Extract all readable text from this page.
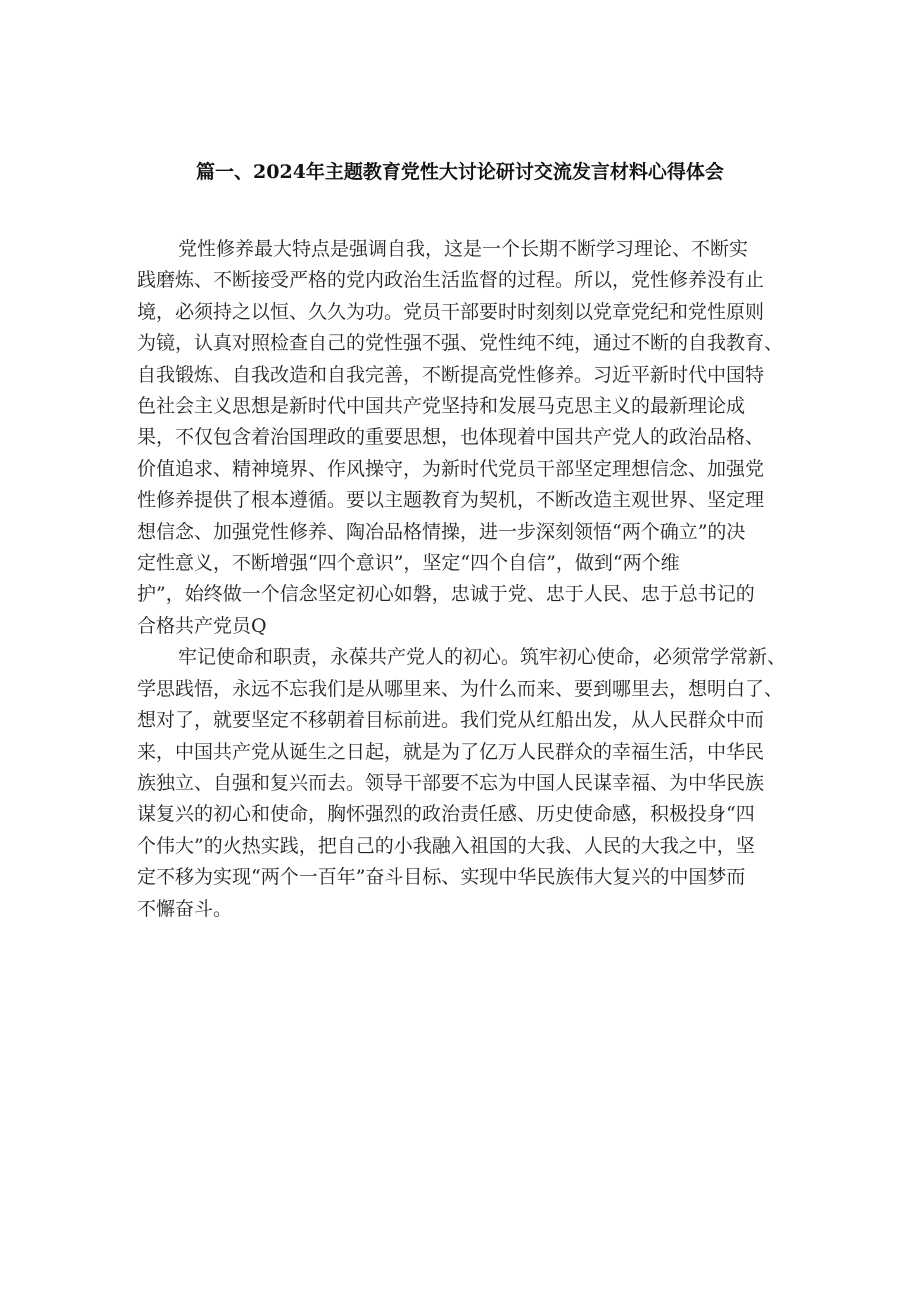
篇一、2024年主题教育党性大讨论研讨交流发言材料心得体会

党性修养最大特点是强调自我，这是一个长期不断学习理论、不断实
践磨炼、不断接受严格的党内政治生活监督的过程。所以，党性修养没有止
境，必须持之以恒、久久为功。党员干部要时时刻刻以党章党纪和党性原则
为镜，认真对照检查自己的党性强不强、党性纯不纯，通过不断的自我教育、
自我锻炼、自我改造和自我完善，不断提高党性修养。习近平新时代中国特
色社会主义思想是新时代中国共产党坚持和发展马克思主义的最新理论成
果，不仅包含着治国理政的重要思想，也体现着中国共产党人的政治品格、
价值追求、精神境界、作风操守，为新时代党员干部坚定理想信念、加强党
性修养提供了根本遵循。要以主题教育为契机，不断改造主观世界、坚定理
想信念、加强党性修养、陶冶品格情操，进一步深刻领悟“两个确立”的决
定性意义，不断增强“四个意识”，坚定“四个自信”，做到“两个维
护”，始终做一个信念坚定初心如磐，忠诚于党、忠于人民、忠于总书记的
合格共产党员Q

牢记使命和职责，永葆共产党人的初心。筑牢初心使命，必须常学常新、
学思践悟，永远不忘我们是从哪里来、为什么而来、要到哪里去，想明白了、
想对了，就要坚定不移朝着目标前进。我们党从红船出发，从人民群众中而
来，中国共产党从诞生之日起，就是为了亿万人民群众的幸福生活，中华民
族独立、自强和复兴而去。领导干部要不忘为中国人民谋幸福、为中华民族
谋复兴的初心和使命，胸怀强烈的政治责任感、历史使命感，积极投身“四
个伟大”的火热实践，把自己的小我融入祖国的大我、人民的大我之中，坚
定不移为实现“两个一百年”奋斗目标、实现中华民族伟大复兴的中国梦而
不懈奋斗。
